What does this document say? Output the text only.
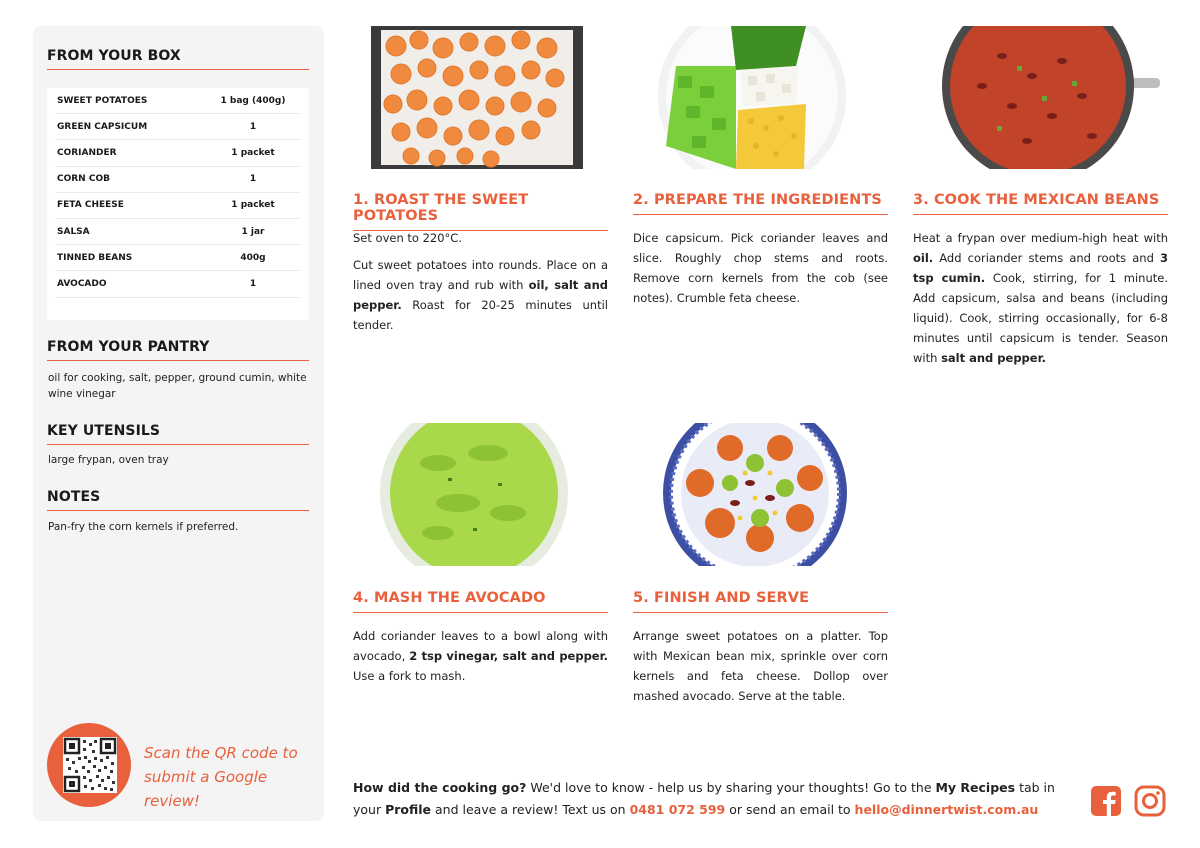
FROM YOUR BOX
SWEET POTATOES	1 bag (400g)
GREEN CAPSICUM	1
CORIANDER	1 packet
CORN COB	1
FETA CHEESE	1 packet
SALSA	1 jar
TINNED BEANS	400g
AVOCADO	1
FROM YOUR PANTRY
oil for cooking, salt, pepper, ground cumin, white wine vinegar
KEY UTENSILS
large frypan, oven tray
NOTES
Pan-fry the corn kernels if preferred.
Scan the QR code to
submit a Google review!
1. ROAST THE SWEET POTATOES

Set oven to 220°C.

Cut sweet potatoes into rounds. Place on a lined oven tray and rub with oil, salt and pepper. Roast for 20-25 minutes until tender.

2. PREPARE THE INGREDIENTS

Dice capsicum. Pick coriander leaves and slice. Roughly chop stems and roots. Remove corn kernels from the cob (see notes). Crumble feta cheese.

3. COOK THE MEXICAN BEANS

Heat a frypan over medium-high heat with oil. Add coriander stems and roots and 3 tsp cumin. Cook, stirring, for 1 minute. Add capsicum, salsa and beans (including liquid). Cook, stirring occasionally, for 6-8 minutes until capsicum is tender. Season with salt and pepper.

4. MASH THE AVOCADO

Add coriander leaves to a bowl along with avocado, 2 tsp vinegar, salt and pepper. Use a fork to mash.

5. FINISH AND SERVE

Arrange sweet potatoes on a platter. Top with Mexican bean mix, sprinkle over corn kernels and feta cheese. Dollop over mashed avocado. Serve at the table.

How did the cooking go? We'd love to know - help us by sharing your thoughts! Go to the My Recipes tab in your Profile and leave a review! Text us on 0481 072 599 or send an email to hello@dinnertwist.com.au
